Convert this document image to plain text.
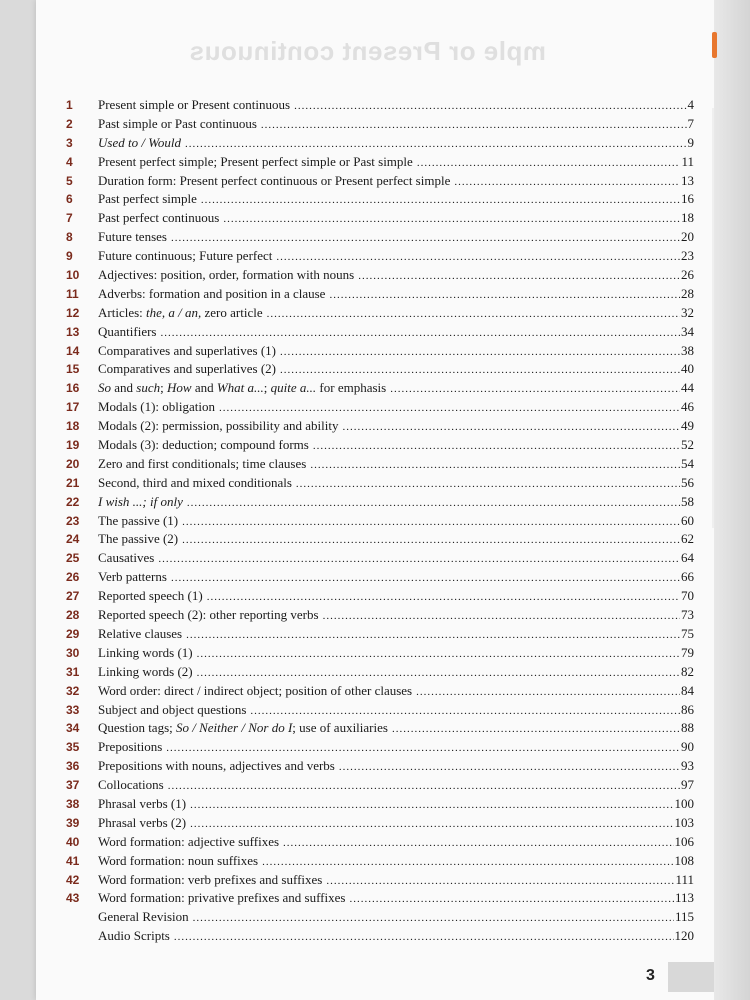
mple or Present continuous
1	Present simple or Present continuous .....	4
2	Past simple or Past continuous .....	7
3	Used to / Would .....	9
4	Present perfect simple; Present perfect simple or Past simple .....	11
5	Duration form: Present perfect continuous or Present perfect simple .....	13
6	Past perfect simple .....	16
7	Past perfect continuous .....	18
8	Future tenses .....	20
9	Future continuous; Future perfect .....	23
10	Adjectives: position, order, formation with nouns .....	26
11	Adverbs: formation and position in a clause .....	28
12	Articles: the, a / an, zero article .....	32
13	Quantifiers .....	34
14	Comparatives and superlatives (1) .....	38
15	Comparatives and superlatives (2) .....	40
16	So and such; How and What a...; quite a... for emphasis .....	44
17	Modals (1): obligation .....	46
18	Modals (2): permission, possibility and ability .....	49
19	Modals (3): deduction; compound forms .....	52
20	Zero and first conditionals; time clauses .....	54
21	Second, third and mixed conditionals .....	56
22	I wish ...; if only .....	58
23	The passive (1) .....	60
24	The passive (2) .....	62
25	Causatives .....	64
26	Verb patterns .....	66
27	Reported speech (1) .....	70
28	Reported speech (2): other reporting verbs .....	73
29	Relative clauses .....	75
30	Linking words (1) .....	79
31	Linking words (2) .....	82
32	Word order: direct / indirect object; position of other clauses .....	84
33	Subject and object questions .....	86
34	Question tags; So / Neither / Nor do I; use of auxiliaries .....	88
35	Prepositions .....	90
36	Prepositions with nouns, adjectives and verbs .....	93
37	Collocations .....	97
38	Phrasal verbs (1) .....	100
39	Phrasal verbs (2) .....	103
40	Word formation: adjective suffixes .....	106
41	Word formation: noun suffixes .....	108
42	Word formation: verb prefixes and suffixes .....	111
43	Word formation: privative prefixes and suffixes .....	113
General Revision .....	115
Audio Scripts .....	120
3
